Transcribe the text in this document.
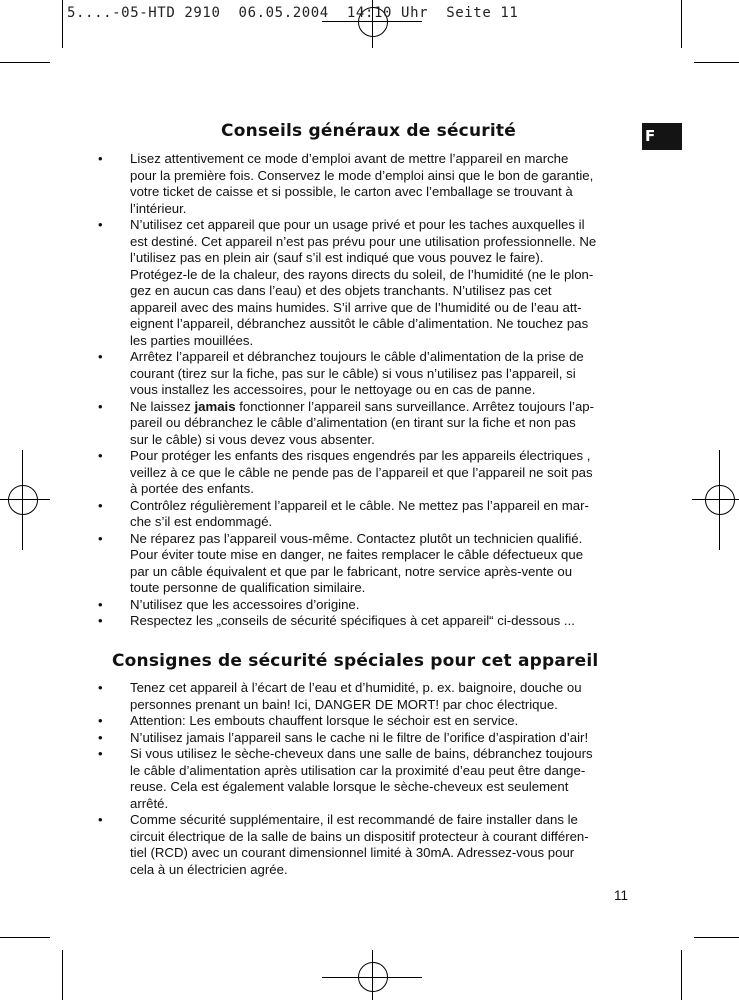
5....-05-HTD 2910  06.05.2004  14:10 Uhr  Seite 11
F
Conseils généraux de sécurité
• Lisez attentivement ce mode d’emploi avant de mettre l’appareil en marche
pour la première fois. Conservez le mode d’emploi ainsi que le bon de garantie,
votre ticket de caisse et si possible, le carton avec l’emballage se trouvant à
l’intérieur.
• N’utilisez cet appareil que pour un usage privé et pour les taches auxquelles il
est destiné. Cet appareil n’est pas prévu pour une utilisation professionnelle. Ne
l’utilisez pas en plein air (sauf s’il est indiqué que vous pouvez le faire).
Protégez-le de la chaleur, des rayons directs du soleil, de l’humidité (ne le plon-
gez en aucun cas dans l’eau) et des objets tranchants. N’utilisez pas cet
appareil avec des mains humides. S’il arrive que de l’humidité ou de l’eau att-
eignent l’appareil, débranchez aussitôt le câble d’alimentation. Ne touchez pas
les parties mouillées.
• Arrêtez l’appareil et débranchez toujours le câble d’alimentation de la prise de
courant (tirez sur la fiche, pas sur le câble) si vous n’utilisez pas l’appareil, si
vous installez les accessoires, pour le nettoyage ou en cas de panne.
• Ne laissez jamais fonctionner l’appareil sans surveillance. Arrêtez toujours l’ap-
pareil ou débranchez le câble d’alimentation (en tirant sur la fiche et non pas
sur le câble) si vous devez vous absenter.
• Pour protéger les enfants des risques engendrés par les appareils électriques ,
veillez à ce que le câble ne pende pas de l’appareil et que l’appareil ne soit pas
à portée des enfants.
• Contrôlez régulièrement l’appareil et le câble. Ne mettez pas l’appareil en mar-
che s’il est endommagé.
• Ne réparez pas l’appareil vous-même. Contactez plutôt un technicien qualifié.
Pour éviter toute mise en danger, ne faites remplacer le câble défectueux que
par un câble équivalent et que par le fabricant, notre service après-vente ou
toute personne de qualification similaire.
• N’utilisez que les accessoires d’origine.
• Respectez les „conseils de sécurité spécifiques à cet appareil“ ci-dessous ...
Consignes de sécurité spéciales pour cet appareil
• Tenez cet appareil à l’écart de l’eau et d’humidité, p. ex. baignoire, douche ou
personnes prenant un bain! Ici, DANGER DE MORT! par choc électrique.
• Attention: Les embouts chauffent lorsque le séchoir est en service.
• N’utilisez jamais l’appareil sans le cache ni le filtre de l’orifice d’aspiration d’air!
• Si vous utilisez le sèche-cheveux dans une salle de bains, débranchez toujours
le câble d’alimentation après utilisation car la proximité d’eau peut être dange-
reuse. Cela est également valable lorsque le sèche-cheveux est seulement
arrêté.
• Comme sécurité supplémentaire, il est recommandé de faire installer dans le
circuit électrique de la salle de bains un dispositif protecteur à courant différen-
tiel (RCD) avec un courant dimensionnel limité à 30mA. Adressez-vous pour
cela à un électricien agrée.
11
